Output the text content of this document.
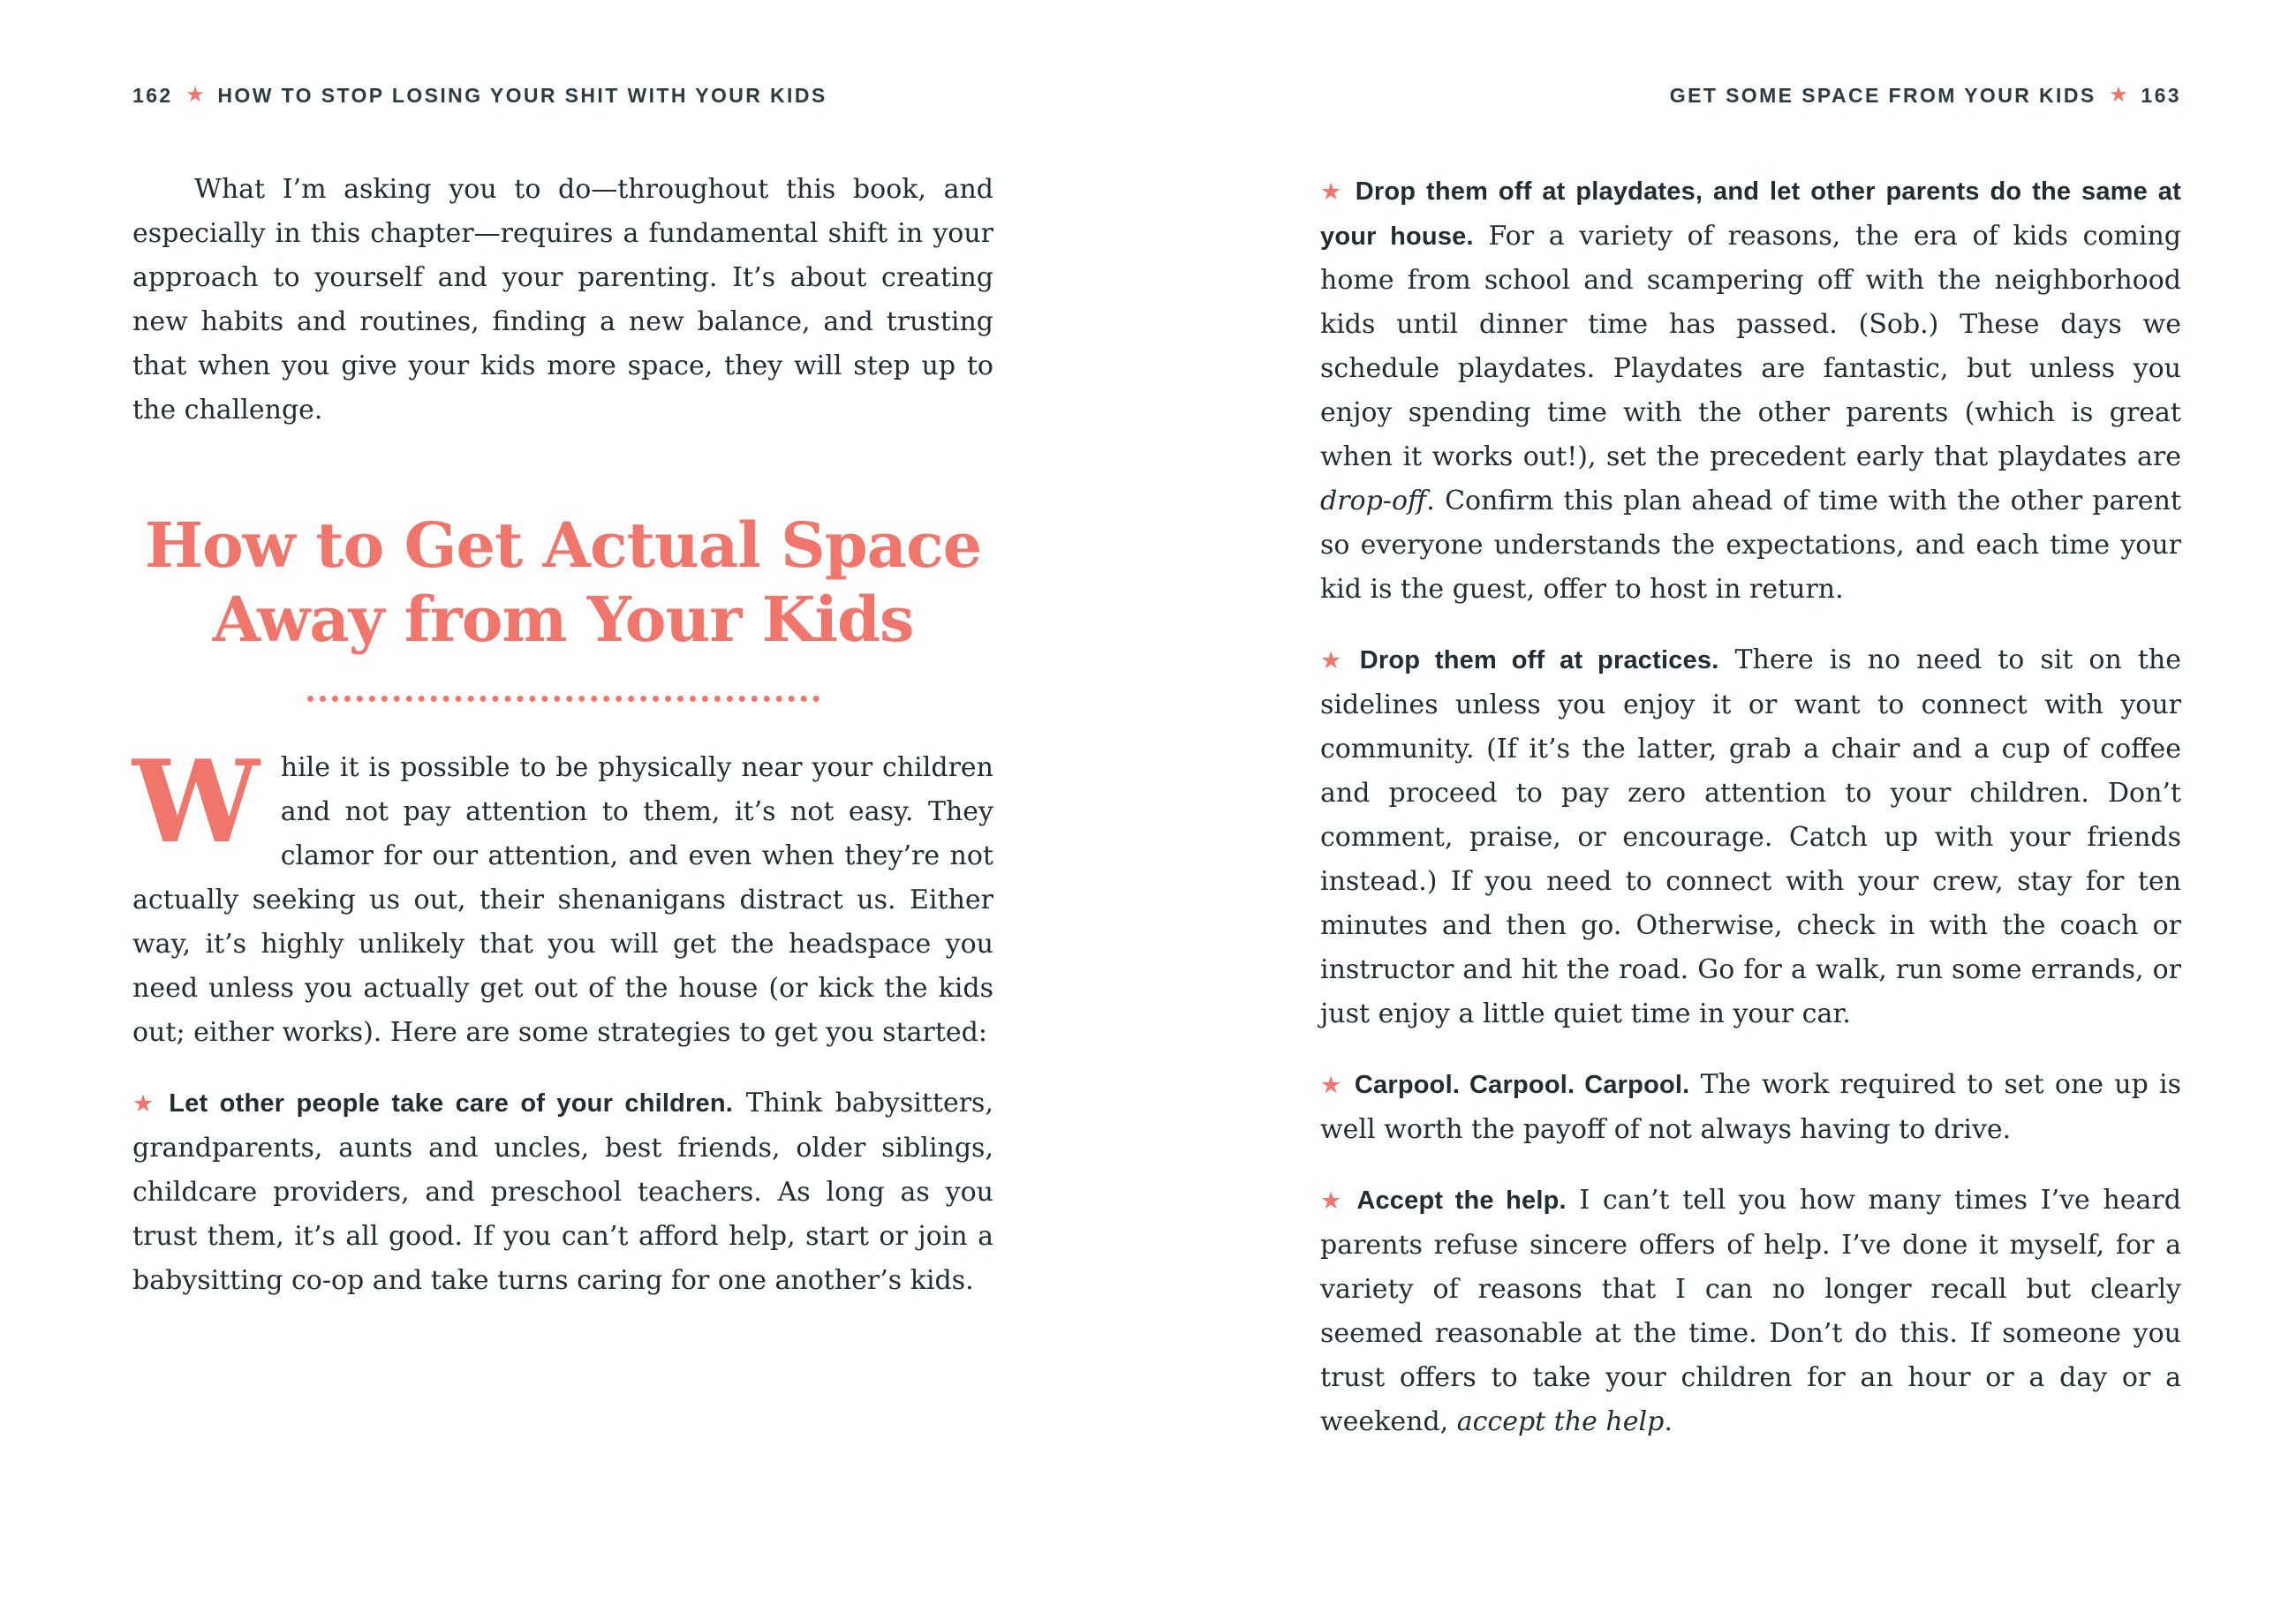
162 ★ HOW TO STOP LOSING YOUR SHIT WITH YOUR KIDS

What I’m asking you to do—throughout this book, and especially in this chapter—requires a fundamental shift in your approach to yourself and your parenting. It’s about creating new habits and routines, finding a new balance, and trusting that when you give your kids more space, they will step up to the challenge.

How to Get Actual Space
Away from Your Kids

While it is possible to be physically near your children and not pay attention to them, it’s not easy. They clamor for our attention, and even when they’re not actually seeking us out, their shenanigans distract us. Either way, it’s highly unlikely that you will get the headspace you need unless you actually get out of the house (or kick the kids out; either works). Here are some strategies to get you started:

★ Let other people take care of your children. Think babysitters, grandparents, aunts and uncles, best friends, older siblings, childcare providers, and preschool teachers. As long as you trust them, it’s all good. If you can’t afford help, start or join a babysitting co-op and take turns caring for one another’s kids.

GET SOME SPACE FROM YOUR KIDS ★ 163

★ Drop them off at playdates, and let other parents do the same at your house. For a variety of reasons, the era of kids coming home from school and scampering off with the neighborhood kids until dinner time has passed. (Sob.) These days we schedule playdates. Playdates are fantastic, but unless you enjoy spending time with the other parents (which is great when it works out!), set the precedent early that playdates are drop-off. Confirm this plan ahead of time with the other parent so everyone understands the expectations, and each time your kid is the guest, offer to host in return.

★ Drop them off at practices. There is no need to sit on the sidelines unless you enjoy it or want to connect with your community. (If it’s the latter, grab a chair and a cup of coffee and proceed to pay zero attention to your children. Don’t comment, praise, or encourage. Catch up with your friends instead.) If you need to connect with your crew, stay for ten minutes and then go. Otherwise, check in with the coach or instructor and hit the road. Go for a walk, run some errands, or just enjoy a little quiet time in your car.

★ Carpool. Carpool. Carpool. The work required to set one up is well worth the payoff of not always having to drive.

★ Accept the help. I can’t tell you how many times I’ve heard parents refuse sincere offers of help. I’ve done it myself, for a variety of reasons that I can no longer recall but clearly seemed reasonable at the time. Don’t do this. If someone you trust offers to take your children for an hour or a day or a weekend, accept the help.
